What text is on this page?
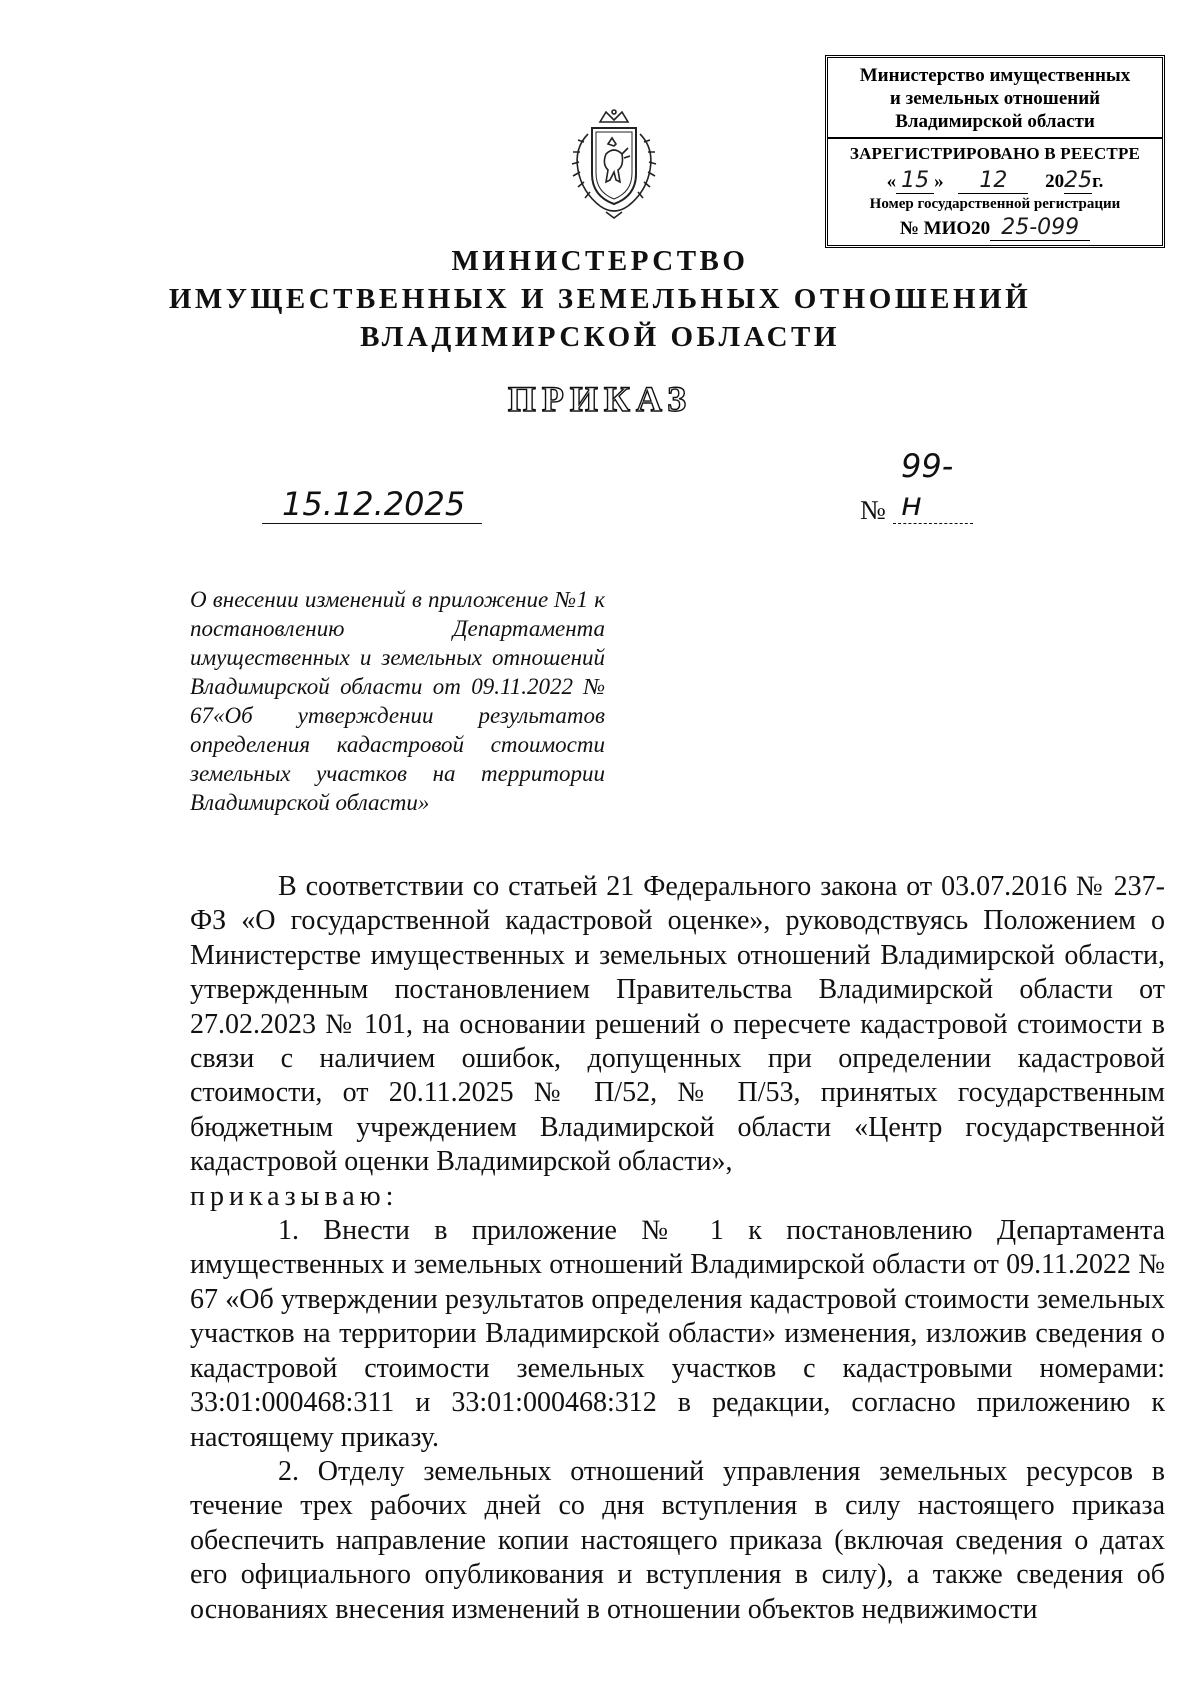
Министерство имущественных
и земельных отношений
Владимирской области
ЗАРЕГИСТРИРОВАНО В РЕЕСТРЕ
« 15 » 12 2025г.
Номер государственной регистрации
№ МИО20 25-099
МИНИСТЕРСТВО
ИМУЩЕСТВЕННЫХ И ЗЕМЕЛЬНЫХ ОТНОШЕНИЙ
ВЛАДИМИРСКОЙ ОБЛАСТИ
ПРИКАЗ
15.12.2025	№
99-н
О внесении изменений в приложение №1 к постановлению Департамента имущественных и земельных отношений Владимирской области от 09.11.2022 № 67«Об утверждении результатов определения кадастровой стоимости земельных участков на территории Владимирской области»

В соответствии со статьей 21 Федерального закона от 03.07.2016 № 237-ФЗ «О государственной кадастровой оценке», руководствуясь Положением о Министерстве имущественных и земельных отношений Владимирской области, утвержденным постановлением Правительства Владимирской области от 27.02.2023 № 101, на основании решений о пересчете кадастровой стоимости в связи с наличием ошибок, допущенных при определении кадастровой стоимости, от 20.11.2025 № П/52, № П/53, принятых государственным бюджетным учреждением Владимирской области «Центр государственной кадастровой оценки Владимирской области»,

приказываю:

1. Внести в приложение № 1 к постановлению Департамента имущественных и земельных отношений Владимирской области от 09.11.2022 № 67 «Об утверждении результатов определения кадастровой стоимости земельных участков на территории Владимирской области» изменения, изложив сведения о кадастровой стоимости земельных участков с кадастровыми номерами: 33:01:000468:311 и 33:01:000468:312 в редакции, согласно приложению к настоящему приказу.

2. Отделу земельных отношений управления земельных ресурсов в течение трех рабочих дней со дня вступления в силу настоящего приказа обеспечить направление копии настоящего приказа (включая сведения о датах его официального опубликования и вступления в силу), а также сведения об основаниях внесения изменений в отношении объектов недвижимости
